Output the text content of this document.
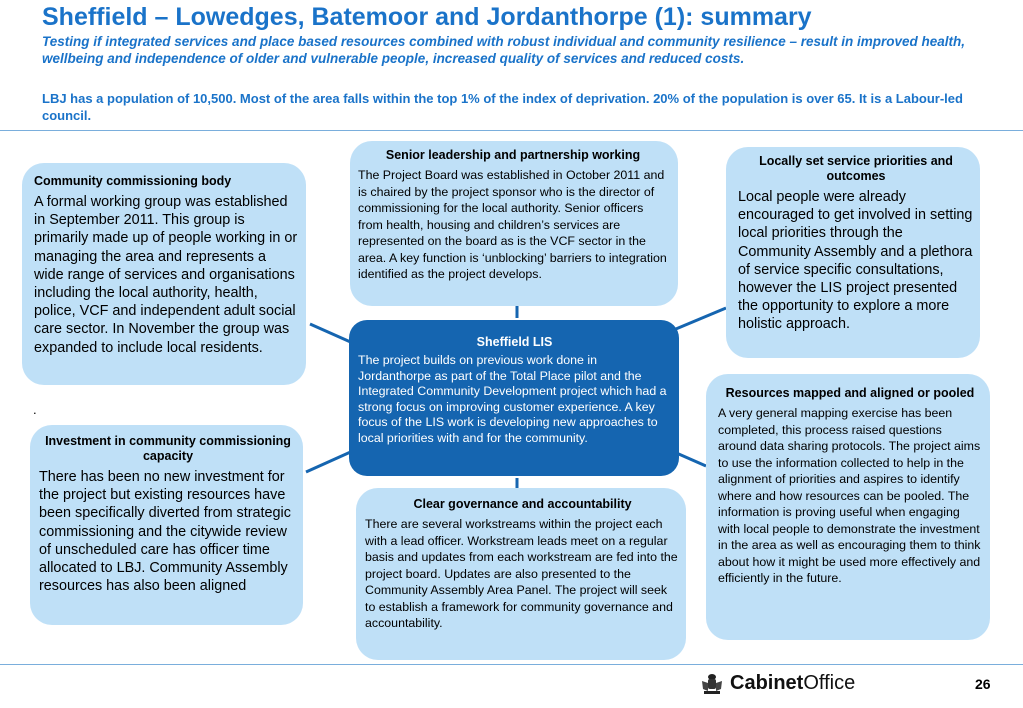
Sheffield – Lowedges, Batemoor and Jordanthorpe (1): summary

Testing if integrated services and place based resources combined with robust individual and community resilience – result in improved health, wellbeing and independence of older and vulnerable people, increased quality of services and reduced costs.

LBJ has a population of 10,500. Most of the area falls within the top 1% of the index of deprivation. 20% of the population is over 65. It is a Labour-led council.

Senior leadership and partnership working

The Project Board was established in October 2011 and is chaired by the project sponsor who is the director of commissioning for the local authority. Senior officers from health, housing and children’s services are represented on the board as is the VCF sector in the area. A key function is ‘unblocking’ barriers to integration identified as the project develops.

Community commissioning body

A formal working group was established in September 2011. This group is primarily made up of people working in or managing the area and represents a wide range of services and organisations including the local authority, health, police, VCF and independent adult social care sector. In November the group was expanded to include local residents.

Locally set service priorities and outcomes

Local people were already encouraged to get involved in setting local priorities through the Community Assembly and a plethora of service specific consultations, however the LIS project presented the opportunity to explore a more holistic approach.

Sheffield LIS

The project builds on previous work done in Jordanthorpe as part of the Total Place pilot and the Integrated Community Development project which had a strong focus on improving customer experience. A key focus of the LIS work is developing new approaches to local priorities with and for the community.

.
Investment in community commissioning capacity

There has been no new investment for the project but existing resources have been specifically diverted from strategic commissioning and the citywide review of unscheduled care has officer time allocated to LBJ. Community Assembly resources has also been aligned

Resources mapped and aligned or pooled

A very general mapping exercise has been completed, this process raised questions around data sharing protocols. The project aims to use the information collected to help in the alignment of priorities and aspires to identify where and how resources can be pooled. The information is proving useful when engaging with local people to demonstrate the investment in the area as well as encouraging them to think about how it might be used more effectively and efficiently in the future.

Clear governance and accountability

There are several workstreams within the project each with a lead officer. Workstream leads meet on a regular basis and updates from each workstream are fed into the project board. Updates are also presented to the Community Assembly Area Panel. The project will seek to establish a framework for community governance and accountability.

CabinetOffice	26
